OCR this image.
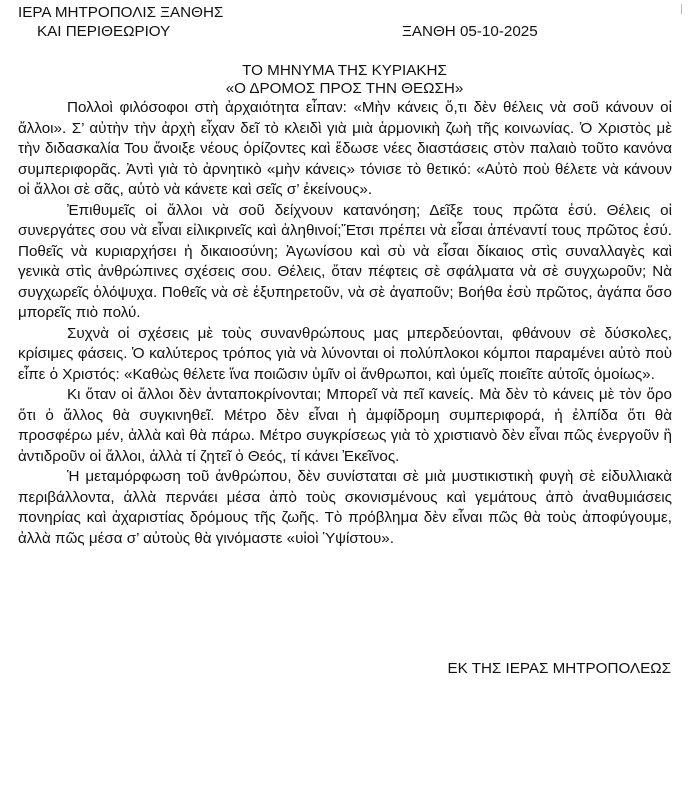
ΙΕΡΑ ΜΗΤΡΟΠΟΛΙΣ ΞΑΝΘΗΣ
ΚΑΙ ΠΕΡΙΘΕΩΡΙΟΥ	ΞΑΝΘΗ 05-10-2025
ΤΟ ΜΗΝΥΜΑ ΤΗΣ ΚΥΡΙΑΚΗΣ
«Ο ΔΡΟΜΟΣ ΠΡΟΣ ΤΗΝ ΘΕΩΣΗ»

Πολλοὶ φιλόσοφοι στὴ ἀρχαιότητα εἶπαν: «Μὴν κάνεις ὅ,τι δὲν θέλεις νὰ σοῦ κάνουν οἱ ἄλλοι». Σ’ αὐτὴν τὴν ἀρχὴ εἶχαν δεῖ τὸ κλειδὶ γιὰ μιὰ ἁρμονικὴ ζωὴ τῆς κοινωνίας. Ὁ Χριστὸς μὲ τὴν διδασκαλία Του ἄνοιξε νέους ὁρίζοντες καὶ ἔδωσε νέες διαστάσεις στὸν παλαιὸ τοῦτο κανόνα συμπεριφορᾶς. Ἀντὶ γιὰ τὸ ἀρνητικὸ «μὴν κάνεις» τόνισε τὸ θετικό: «Αὐτὸ ποὺ θέλετε νὰ κάνουν οἱ ἄλλοι σὲ σᾶς, αὐτὸ νὰ κάνετε καὶ σεῖς σ’ ἐκείνους».

Ἐπιθυμεῖς οἱ ἄλλοι νὰ σοῦ δείχνουν κατανόηση; Δεῖξε τους πρῶτα ἐσύ. Θέλεις οἱ συνεργάτες σου νὰ εἶναι εἰλικρινεῖς καὶ ἀληθινοί;Ἔτσι πρέπει νὰ εἶσαι ἀπέναντί τους πρῶτος ἐσύ. Ποθεῖς νὰ κυριαρχήσει ἡ δικαιοσύνη; Ἀγωνίσου καὶ σὺ νὰ εἶσαι δίκαιος στὶς συναλλαγὲς καὶ γενικὰ στὶς ἀνθρώπινες σχέσεις σου. Θέλεις, ὅταν πέφτεις σὲ σφάλματα νὰ σὲ συγχωροῦν; Νὰ συγχωρεῖς ὁλόψυχα. Ποθεῖς νὰ σὲ ἐξυπηρετοῦν, νὰ σὲ ἀγαποῦν; Βοήθα ἐσὺ πρῶτος, ἀγάπα ὅσο μπορεῖς πιὸ πολύ.

Συχνὰ οἱ σχέσεις μὲ τοὺς συνανθρώπους μας μπερδεύονται, φθάνουν σὲ δύσκολες, κρίσιμες φάσεις. Ὁ καλύτερος τρόπος γιὰ νὰ λύνονται οἱ πολύπλοκοι κόμποι παραμένει αὐτὸ ποὺ εἶπε ὁ Χριστός: «Καθὼς θέλετε ἵνα ποιῶσιν ὑμῖν οἱ ἄνθρωποι, καὶ ὑμεῖς ποιεῖτε αὐτοῖς ὁμοίως».

Κι ὅταν οἱ ἄλλοι δὲν ἀνταποκρίνονται; Μπορεῖ νὰ πεῖ κανείς. Μὰ δὲν τὸ κάνεις μὲ τὸν ὅρο ὅτι ὁ ἄλλος θὰ συγκινηθεῖ. Μέτρο δὲν εἶναι ἡ ἀμφίδρομη συμπεριφορά, ἡ ἐλπίδα ὅτι θὰ προσφέρω μέν, ἀλλὰ καὶ θὰ πάρω. Μέτρο συγκρίσεως γιὰ τὸ χριστιανὸ δὲν εἶναι πῶς ἐνεργοῦν ἢ ἀντιδροῦν οἱ ἄλλοι, ἀλλὰ τί ζητεῖ ὁ Θεός, τί κάνει Ἐκεῖνος.

Ἡ μεταμόρφωση τοῦ ἀνθρώπου, δὲν συνίσταται σὲ μιὰ μυστικιστικὴ φυγὴ σὲ εἰδυλλιακὰ περιβάλλοντα, ἀλλὰ περνάει μέσα ἀπὸ τοὺς σκονισμένους καὶ γεμάτους ἀπὸ ἀναθυμιάσεις πονηρίας καὶ ἀχαριστίας δρόμους τῆς ζωῆς. Τὸ πρόβλημα δὲν εἶναι πῶς θὰ τοὺς ἀποφύγουμε, ἀλλὰ πῶς μέσα σ’ αὐτοὺς θὰ γινόμαστε «υἱοὶ Ὑψίστου».

ΕΚ ΤΗΣ ΙΕΡΑΣ ΜΗΤΡΟΠΟΛΕΩΣ
